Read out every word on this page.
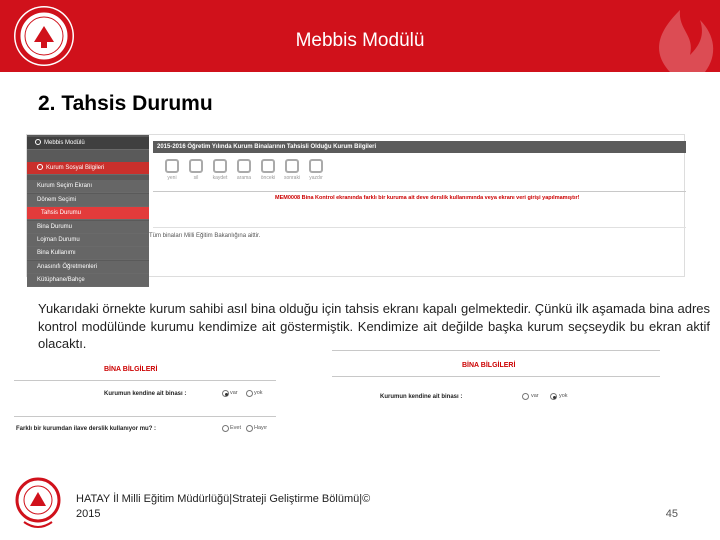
Mebbis Modülü
2. Tahsis Durumu
Mebbis Modülü
Kurum Sosyal Bilgileri
Kurum Seçim Ekranı
Dönem Seçimi
Tahsis Durumu
Bina Durumu
Lojman Durumu
Bina Kullanımı
Anasınıfı Öğretmenleri
Kütüphane/Bahçe
2015-2016 Öğretim Yılında Kurum Binalarının Tahsisli Olduğu Kurum Bilgileri
yeni	sil	kaydet	arama	önceki	sonraki	yazdır
MEM0008 Bina Kontrol ekranında farklı bir kuruma ait deve derslik kullanımında veya ekranı veri girişi yapılmamıştır!
Tüm binaları Milli Eğitim Bakanlığına aittir.
Yukarıdaki örnekte kurum sahibi asıl bina olduğu için tahsis ekranı kapalı gelmektedir. Çünkü ilk aşamada bina adres kontrol modülünde kurumu kendimize ait göstermiştik. Kendimize ait değilde başka kurum seçseydik bu ekran aktif olacaktı.
BİNA BİLGİLERİ
Kurumun kendine ait binası :	var	yok
Farklı bir kurumdan ilave derslik kullanıyor mu? :	Evet Hayır
BİNA BİLGİLERİ
Kurumun kendine ait binası :	var	yok
HATAY İl Milli Eğitim Müdürlüğü|Strateji Geliştirme Bölümü|©
2015	45
